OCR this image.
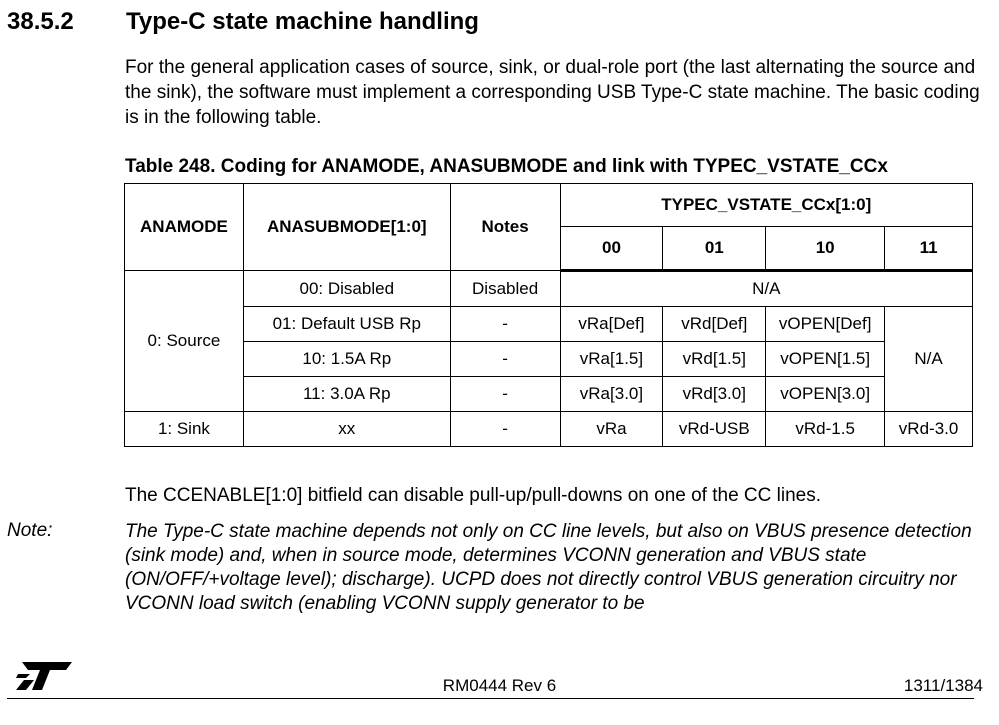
38.5.2 Type-C state machine handling
For the general application cases of source, sink, or dual-role port (the last alternating the source and the sink), the software must implement a corresponding USB Type-C state machine. The basic coding is in the following table.
Table 248. Coding for ANAMODE, ANASUBMODE and link with TYPEC_VSTATE_CCx
ANAMODE	ANASUBMODE[1:0]	Notes	TYPEC_VSTATE_CCx[1:0]			
			00	01	10	11
0: Source	00: Disabled	Disabled	N/A			
	01: Default USB Rp	-	vRa[Def]	vRd[Def]	vOPEN[Def]	N/A
	10: 1.5A Rp	-	vRa[1.5]	vRd[1.5]	vOPEN[1.5]	
	11: 3.0A Rp	-	vRa[3.0]	vRd[3.0]	vOPEN[3.0]	
1: Sink	xx	-	vRa	vRd-USB	vRd-1.5	vRd-3.0
The CCENABLE[1:0] bitfield can disable pull-up/pull-downs on one of the CC lines.
Note:	The Type-C state machine depends not only on CC line levels, but also on VBUS presence detection (sink mode) and, when in source mode, determines VCONN generation and VBUS state (ON/OFF/+voltage level); discharge). UCPD does not directly control VBUS generation circuitry nor VCONN load switch (enabling VCONN supply generator to be
RM0444 Rev 6	1311/1384
